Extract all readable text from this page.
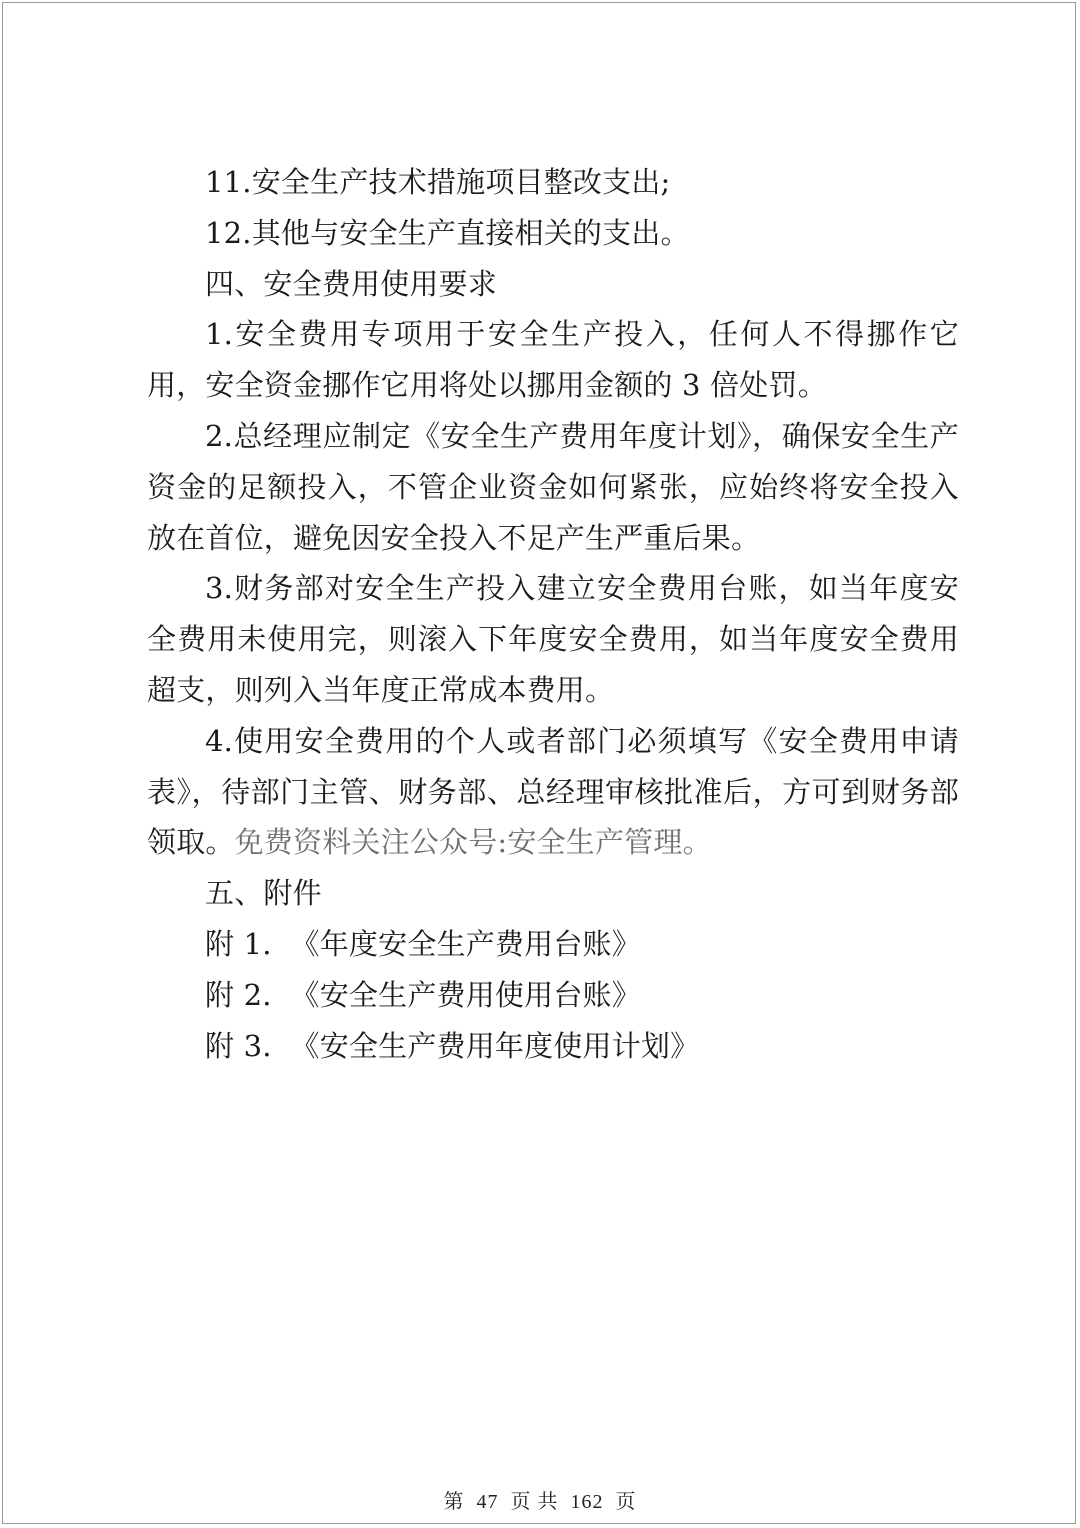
11.安全生产技术措施项目整改支出;

12.其他与安全生产直接相关的支出。

四、安全费用使用要求

1.安全费用专项用于安全生产投入，任何人不得挪作它用，安全资金挪作它用将处以挪用金额的 3 倍处罚。

2.总经理应制定《安全生产费用年度计划》，确保安全生产资金的足额投入，不管企业资金如何紧张，应始终将安全投入放在首位，避免因安全投入不足产生严重后果。

3.财务部对安全生产投入建立安全费用台账，如当年度安全费用未使用完，则滚入下年度安全费用，如当年度安全费用超支，则列入当年度正常成本费用。

4.使用安全费用的个人或者部门必须填写《安全费用申请表》，待部门主管、财务部、总经理审核批准后，方可到财务部领取。免费资料关注公众号:安全生产管理。

五、附件

附 1.  《年度安全生产费用台账》

附 2.  《安全生产费用使用台账》

附 3.  《安全生产费用年度使用计划》

第 47 页 共 162 页
